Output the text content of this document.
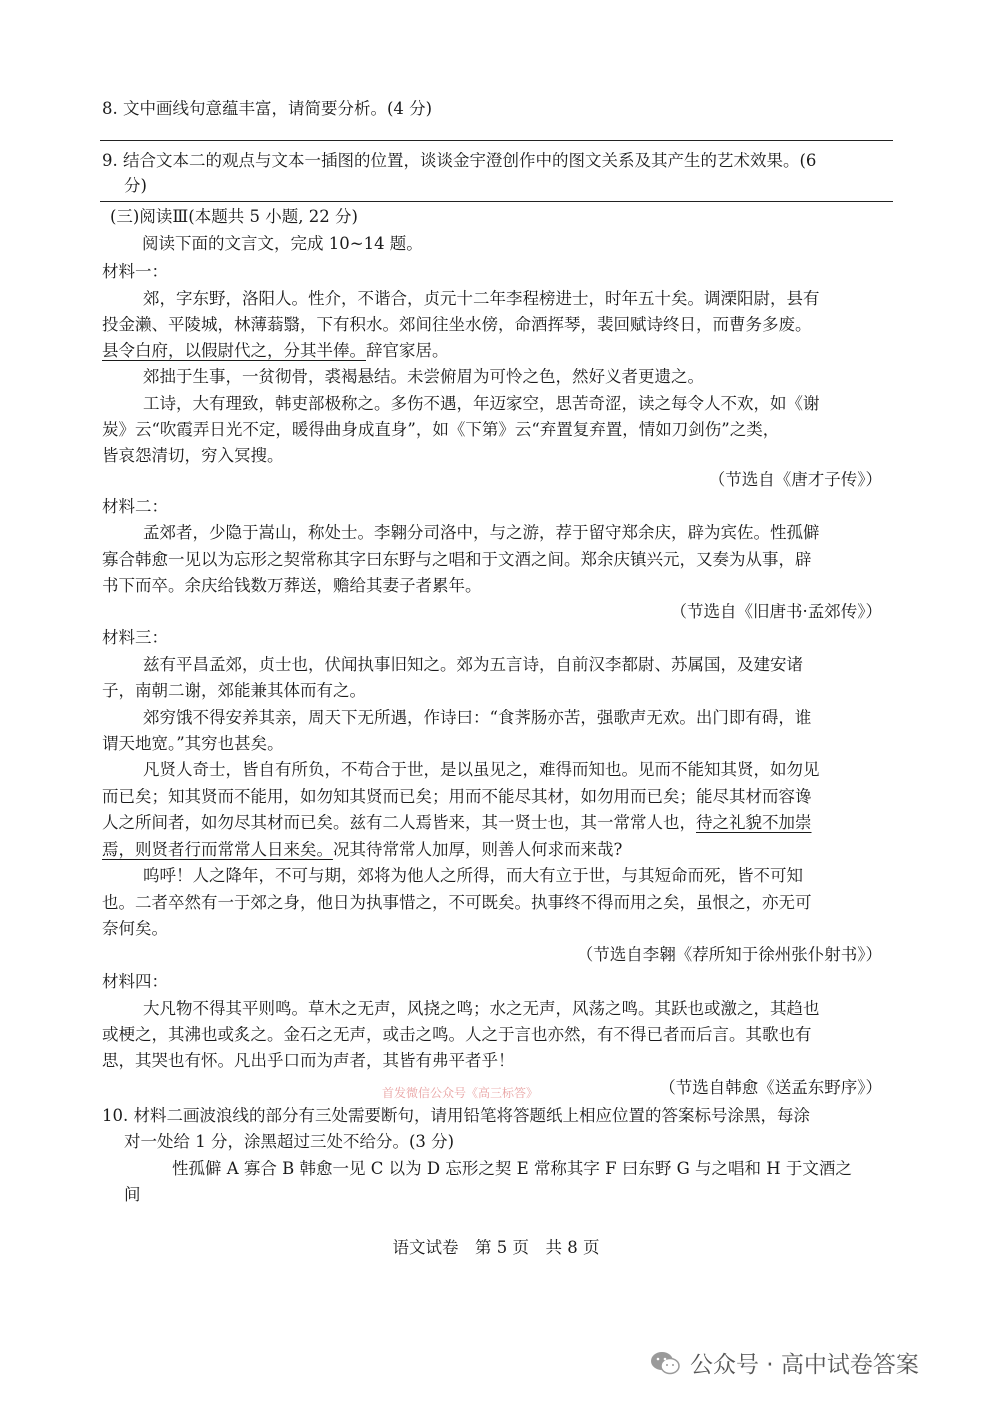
8. 文中画线句意蕴丰富，请简要分析。(4 分)
9. 结合文本二的观点与文本一插图的位置，谈谈金宇澄创作中的图文关系及其产生的艺术效果。(6
分)
(三)阅读Ⅲ(本题共 5 小题, 22 分)
阅读下面的文言文，完成 10~14 题。
材料一：
郊，字东野，洛阳人。性介，不谐合，贞元十二年李程榜进士，时年五十矣。调溧阳尉，县有
投金濑、平陵城，林薄蓊翳，下有积水。郊间往坐水傍，命酒挥琴，裴回赋诗终日，而曹务多废。
县令白府，以假尉代之，分其半俸。辞官家居。
郊拙于生事，一贫彻骨，裘褐悬结。未尝俯眉为可怜之色，然好义者更遗之。
工诗，大有理致，韩吏部极称之。多伤不遇，年迈家空，思苦奇涩，读之每令人不欢，如《谢
炭》云“吹霞弄日光不定，暖得曲身成直身”，如《下第》云“弃置复弃置，情如刀剑伤”之类，
皆哀怨清切，穷入冥搜。
（节选自《唐才子传》）
材料二：
孟郊者，少隐于嵩山，称处士。李翱分司洛中，与之游，荐于留守郑余庆，辟为宾佐。性孤僻
寡合韩愈一见以为忘形之契常称其字曰东野与之唱和于文酒之间。郑余庆镇兴元，又奏为从事，辟
书下而卒。余庆给钱数万葬送，赡给其妻子者累年。
（节选自《旧唐书·孟郊传》）
材料三：
兹有平昌孟郊，贞士也，伏闻执事旧知之。郊为五言诗，自前汉李都尉、苏属国，及建安诸
子，南朝二谢，郊能兼其体而有之。
郊穷饿不得安养其亲，周天下无所遇，作诗曰：“食荠肠亦苦，强歌声无欢。出门即有碍，谁
谓天地宽。”其穷也甚矣。
凡贤人奇士，皆自有所负，不苟合于世，是以虽见之，难得而知也。见而不能知其贤，如勿见
而已矣；知其贤而不能用，如勿知其贤而已矣；用而不能尽其材，如勿用而已矣；能尽其材而容谗
人之所间者，如勿尽其材而已矣。兹有二人焉皆来，其一贤士也，其一常常人也，待之礼貌不加崇
焉，则贤者行而常常人日来矣。况其待常常人加厚，则善人何求而来哉?
呜呼！人之降年，不可与期，郊将为他人之所得，而大有立于世，与其短命而死，皆不可知
也。二者卒然有一于郊之身，他日为执事惜之，不可既矣。执事终不得而用之矣，虽恨之，亦无可
奈何矣。
（节选自李翱《荐所知于徐州张仆射书》）
材料四：
大凡物不得其平则鸣。草木之无声，风挠之鸣；水之无声，风荡之鸣。其跃也或激之，其趋也
或梗之，其沸也或炙之。金石之无声，或击之鸣。人之于言也亦然，有不得已者而后言。其歌也有
思，其哭也有怀。凡出乎口而为声者，其皆有弗平者乎！
首发微信公众号《高三标答》	（节选自韩愈《送孟东野序》）
10. 材料二画波浪线的部分有三处需要断句，请用铅笔将答题纸上相应位置的答案标号涂黑，每涂
对一处给 1 分，涂黑超过三处不给分。(3 分)
性孤僻 A 寡合 B 韩愈一见 C 以为 D 忘形之契 E 常称其字 F 曰东野 G 与之唱和 H 于文酒之
间
语文试卷　第 5 页　共 8 页
公众号 · 高中试卷答案
